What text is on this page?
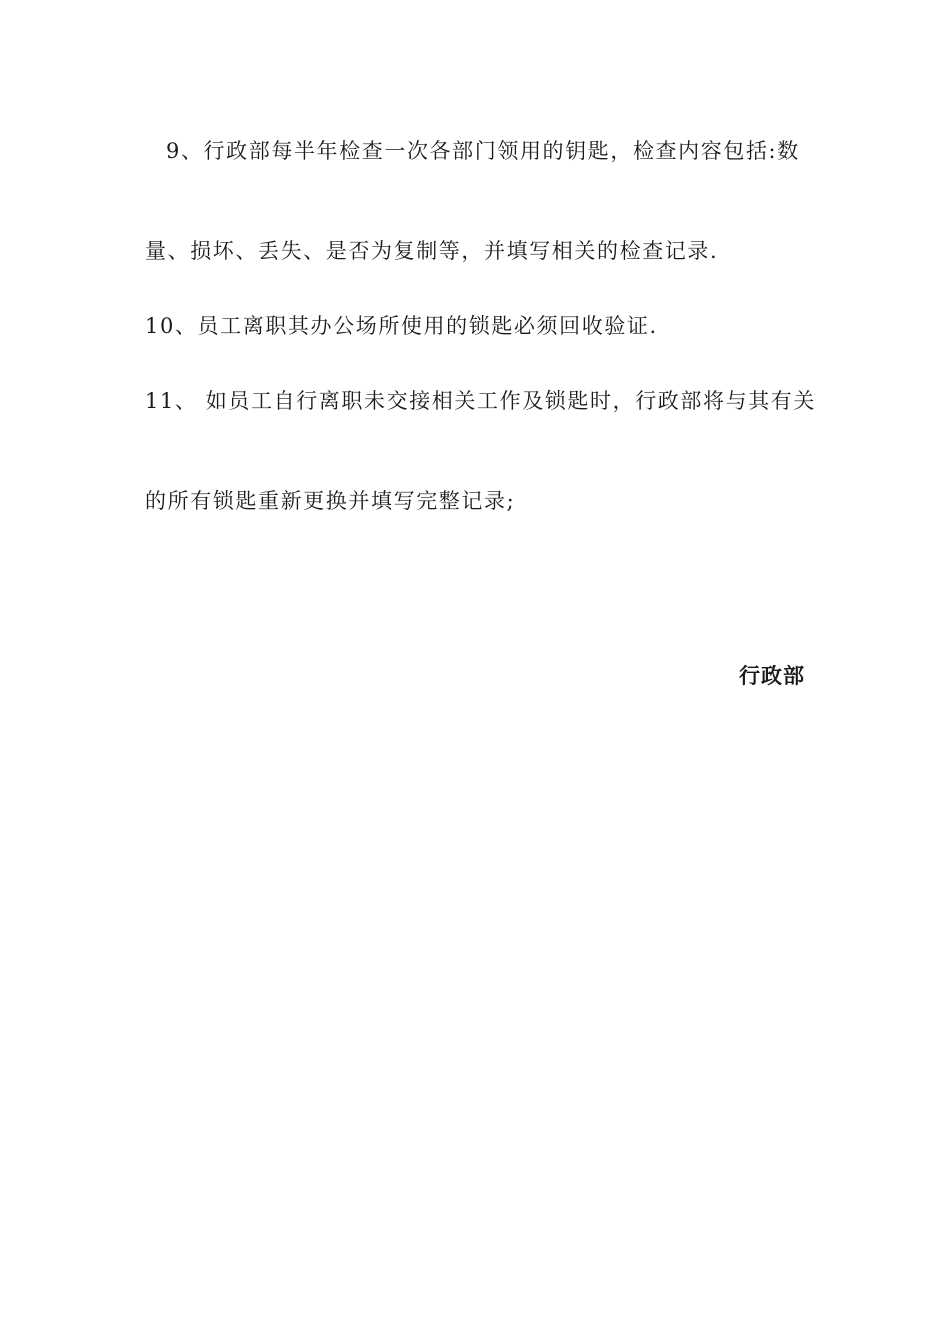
9、行政部每半年检查一次各部门领用的钥匙，检查内容包括:数
量、损坏、丢失、是否为复制等，并填写相关的检查记录.
10、员工离职其办公场所使用的锁匙必须回收验证.
11、 如员工自行离职未交接相关工作及锁匙时，行政部将与其有关
的所有锁匙重新更换并填写完整记录;
行政部
